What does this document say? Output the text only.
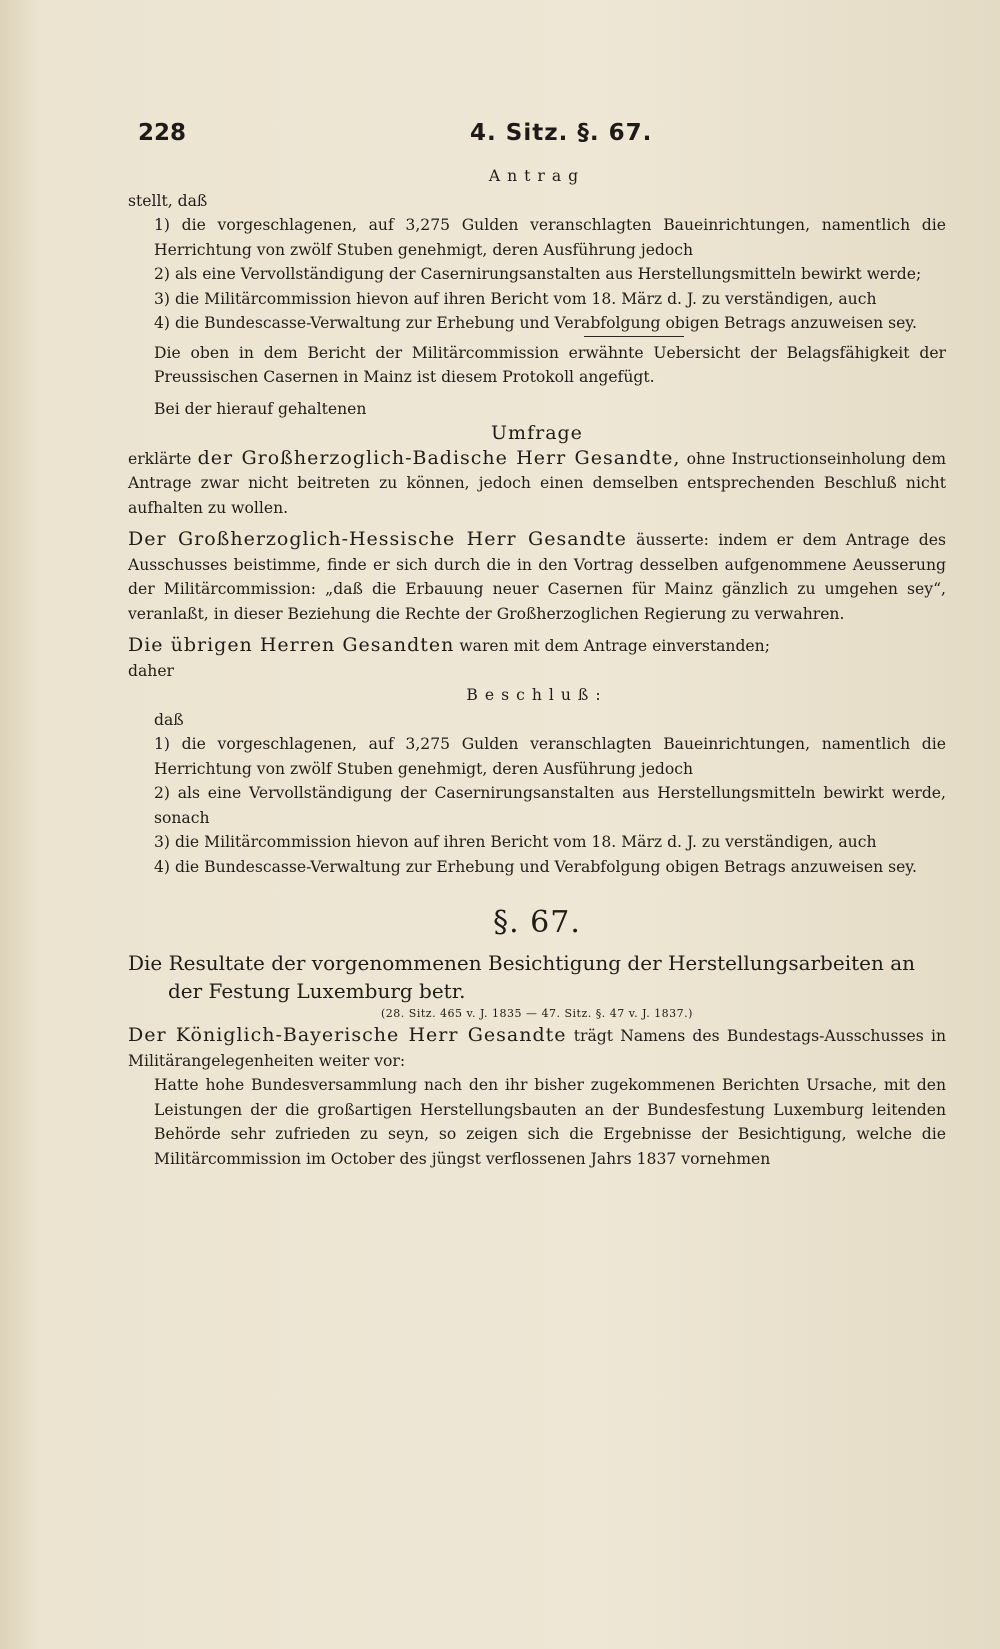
228	4. Sitz. §. 67.

Antrag

stellt, daß

1) die vorgeschlagenen, auf 3,275 Gulden veranschlagten Baueinrichtungen, namentlich die Herrichtung von zwölf Stuben genehmigt, deren Ausführung jedoch

2) als eine Vervollständigung der Casernirungsanstalten aus Herstellungsmitteln bewirkt werde;

3) die Militärcommission hievon auf ihren Bericht vom 18. März d. J. zu verständigen, auch

4) die Bundescasse-Verwaltung zur Erhebung und Verabfolgung obigen Betrags anzuweisen sey.

Die oben in dem Bericht der Militärcommission erwähnte Uebersicht der Belagsfähigkeit der Preussischen Casernen in Mainz ist diesem Protokoll angefügt.

Bei der hierauf gehaltenen

Umfrage

erklärte der Großherzoglich-Badische Herr Gesandte, ohne Instructionseinholung dem Antrage zwar nicht beitreten zu können, jedoch einen demselben entsprechenden Beschluß nicht aufhalten zu wollen.

Der Großherzoglich-Hessische Herr Gesandte äusserte: indem er dem Antrage des Ausschusses beistimme, finde er sich durch die in den Vortrag desselben aufgenommene Aeusserung der Militärcommission: „daß die Erbauung neuer Casernen für Mainz gänzlich zu umgehen sey“, veranlaßt, in dieser Beziehung die Rechte der Großherzoglichen Regierung zu verwahren.

Die übrigen Herren Gesandten waren mit dem Antrage einverstanden;

daher

Beschluß:

daß

1) die vorgeschlagenen, auf 3,275 Gulden veranschlagten Baueinrichtungen, namentlich die Herrichtung von zwölf Stuben genehmigt, deren Ausführung jedoch

2) als eine Vervollständigung der Casernirungsanstalten aus Herstellungsmitteln bewirkt werde, sonach

3) die Militärcommission hievon auf ihren Bericht vom 18. März d. J. zu verständigen, auch

4) die Bundescasse-Verwaltung zur Erhebung und Verabfolgung obigen Betrags anzuweisen sey.

§. 67.

Die Resultate der vorgenommenen Besichtigung der Herstellungsarbeiten an der Festung Luxemburg betr.

(28. Sitz. 465 v. J. 1835 — 47. Sitz. §. 47 v. J. 1837.)

Der Königlich-Bayerische Herr Gesandte trägt Namens des Bundestags-Ausschusses in Militärangelegenheiten weiter vor:

Hatte hohe Bundesversammlung nach den ihr bisher zugekommenen Berichten Ursache, mit den Leistungen der die großartigen Herstellungsbauten an der Bundesfestung Luxemburg leitenden Behörde sehr zufrieden zu seyn, so zeigen sich die Ergebnisse der Besichtigung, welche die Militärcommission im October des jüngst verflossenen Jahrs 1837 vornehmen
